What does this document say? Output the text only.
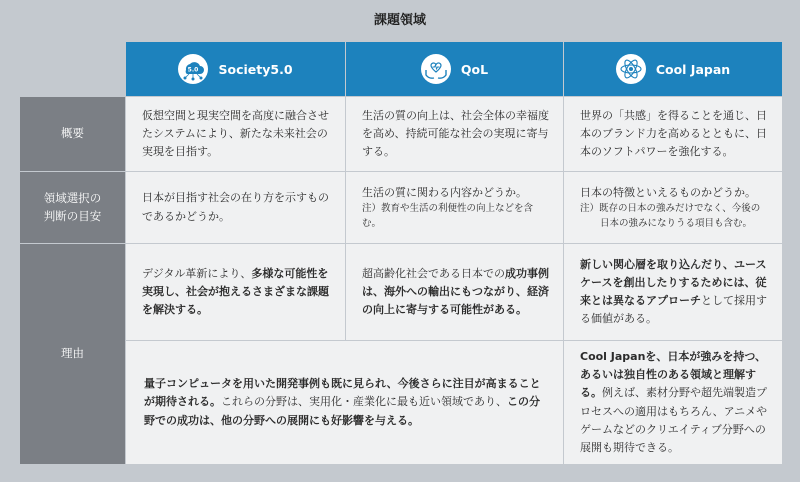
課題領域
5.0 Society5.0	QoL	Cool Japan
概要
領域選択の
判断の目安
理由
仮想空間と現実空間を高度に融合させたシステムにより、新たな未来社会の実現を目指す。
生活の質の向上は、社会全体の幸福度を高め、持続可能な社会の実現に寄与する。
世界の「共感」を得ることを通じ、日本のブランド力を高めるとともに、日本のソフトパワーを強化する。
日本が目指す社会の在り方を示すものであるかどうか。
生活の質に関わる内容かどうか。
注）教育や生活の利便性の向上などを含む。
日本の特徴といえるものかどうか。
注）既存の日本の強みだけでなく、今後の
日本の強みになりうる項目も含む。
デジタル革新により、多様な可能性を実現し、社会が抱えるさまざまな課題を解決する。
超高齢化社会である日本での成功事例は、海外への輸出にもつながり、経済の向上に寄与する可能性がある。
新しい関心層を取り込んだり、ユースケースを創出したりするためには、従来とは異なるアプローチとして採用する価値がある。
量子コンピュータを用いた開発事例も既に見られ、今後さらに注目が高まることが期待される。これらの分野は、実用化・産業化に最も近い領域であり、この分野での成功は、他の分野への展開にも好影響を与える。
Cool Japanを、日本が強みを持つ、あるいは独自性のある領域と理解する。例えば、素材分野や超先端製造プロセスへの適用はもちろん、アニメやゲームなどのクリエイティブ分野への展開も期待できる。
